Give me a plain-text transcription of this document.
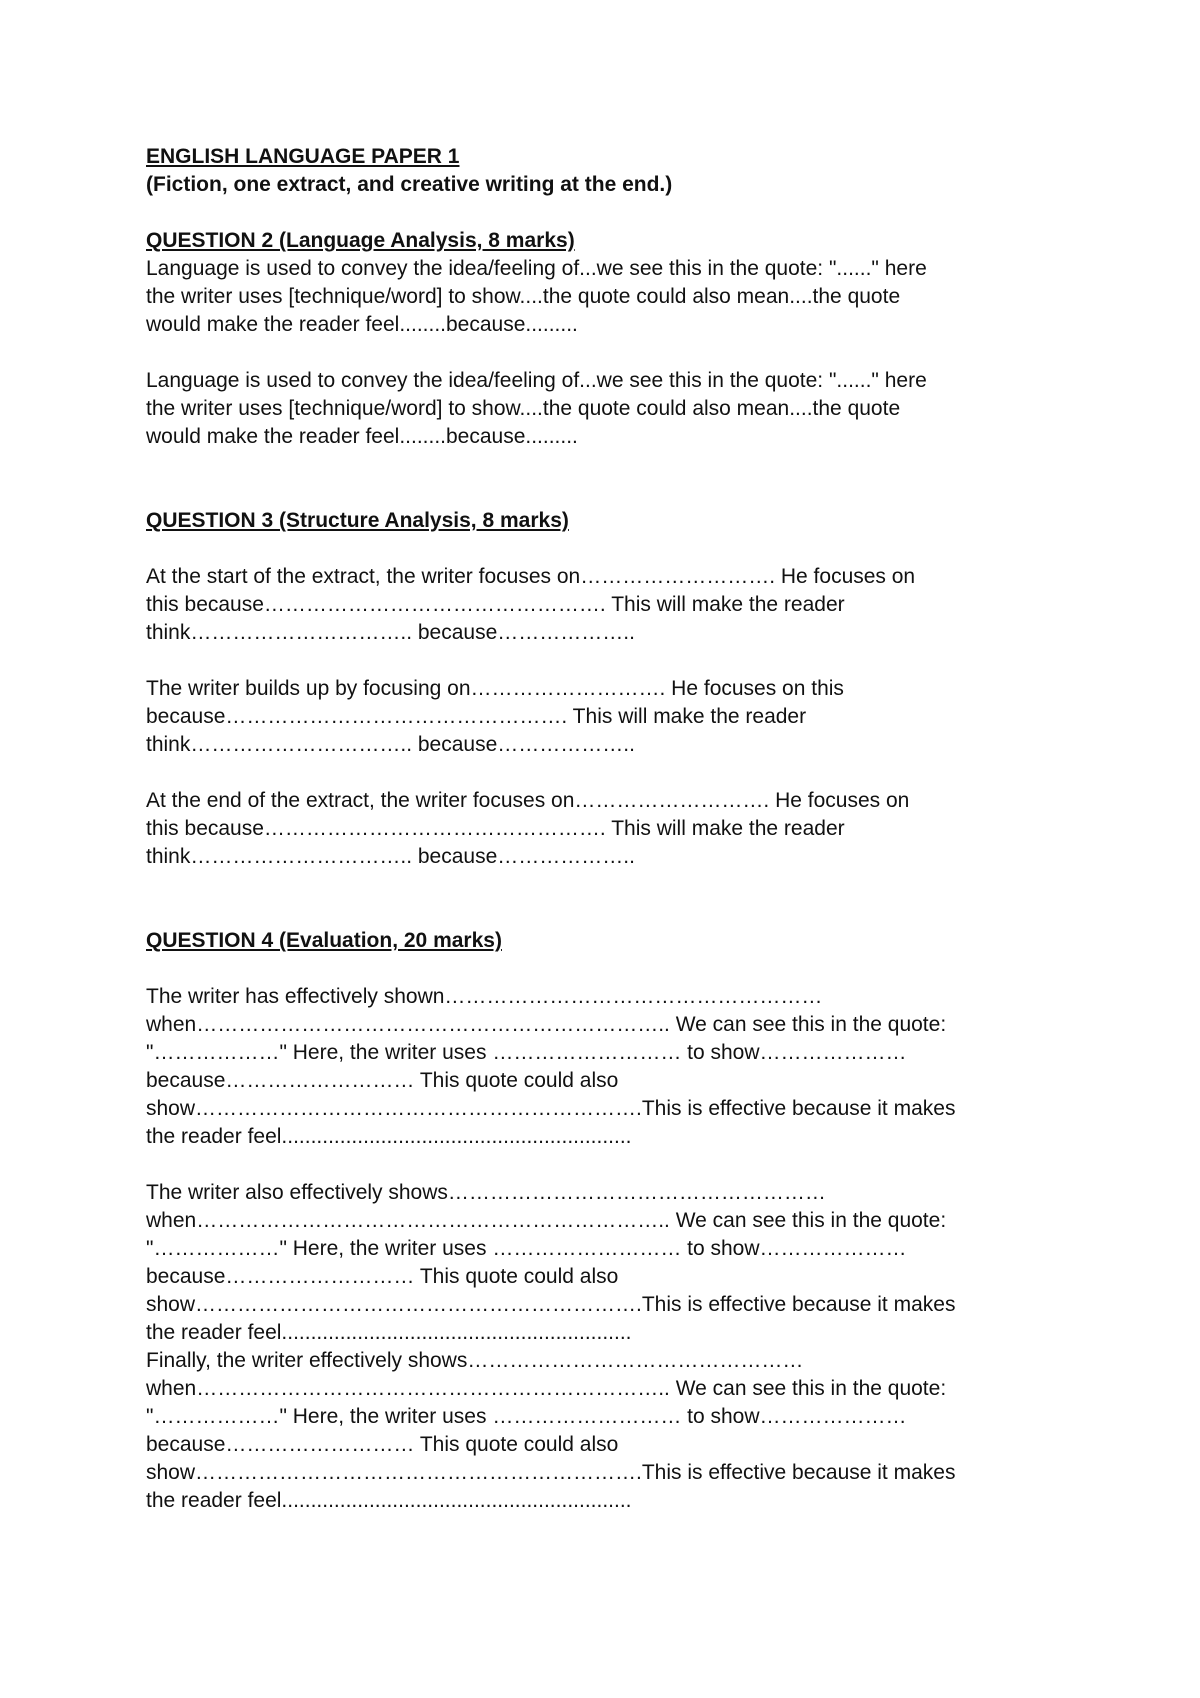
ENGLISH LANGUAGE PAPER 1

(Fiction, one extract, and creative writing at the end.)

QUESTION 2 (Language Analysis, 8 marks)

Language is used to convey the idea/feeling of...we see this in the quote: "......" here
the writer uses [technique/word] to show....the quote could also mean....the quote
would make the reader feel........because.........
Language is used to convey the idea/feeling of...we see this in the quote: "......" here
the writer uses [technique/word] to show....the quote could also mean....the quote
would make the reader feel........because.........

QUESTION 3 (Structure Analysis, 8 marks)

At the start of the extract, the writer focuses on………………………. He focuses on
this because…………………………………………. This will make the reader
think………………………….. because………………..
The writer builds up by focusing on………………………. He focuses on this
because…………………………………………. This will make the reader
think………………………….. because………………..
At the end of the extract, the writer focuses on………………………. He focuses on
this because…………………………………………. This will make the reader
think………………………….. because………………..

QUESTION 4 (Evaluation, 20 marks)

The writer has effectively shown………………………………………………
when………………………………………………………….. We can see this in the quote:
"………………" Here, the writer uses ……………………… to show…………………
because……………………… This quote could also
show……………………………………………………….This is effective because it makes
the reader feel............................................................
The writer also effectively shows………………………………………………
when………………………………………………………….. We can see this in the quote:
"………………" Here, the writer uses ……………………… to show…………………
because……………………… This quote could also
show……………………………………………………….This is effective because it makes
the reader feel............................................................
Finally, the writer effectively shows…………………………………………
when………………………………………………………….. We can see this in the quote:
"………………" Here, the writer uses ……………………… to show…………………
because……………………… This quote could also
show……………………………………………………….This is effective because it makes
the reader feel............................................................
